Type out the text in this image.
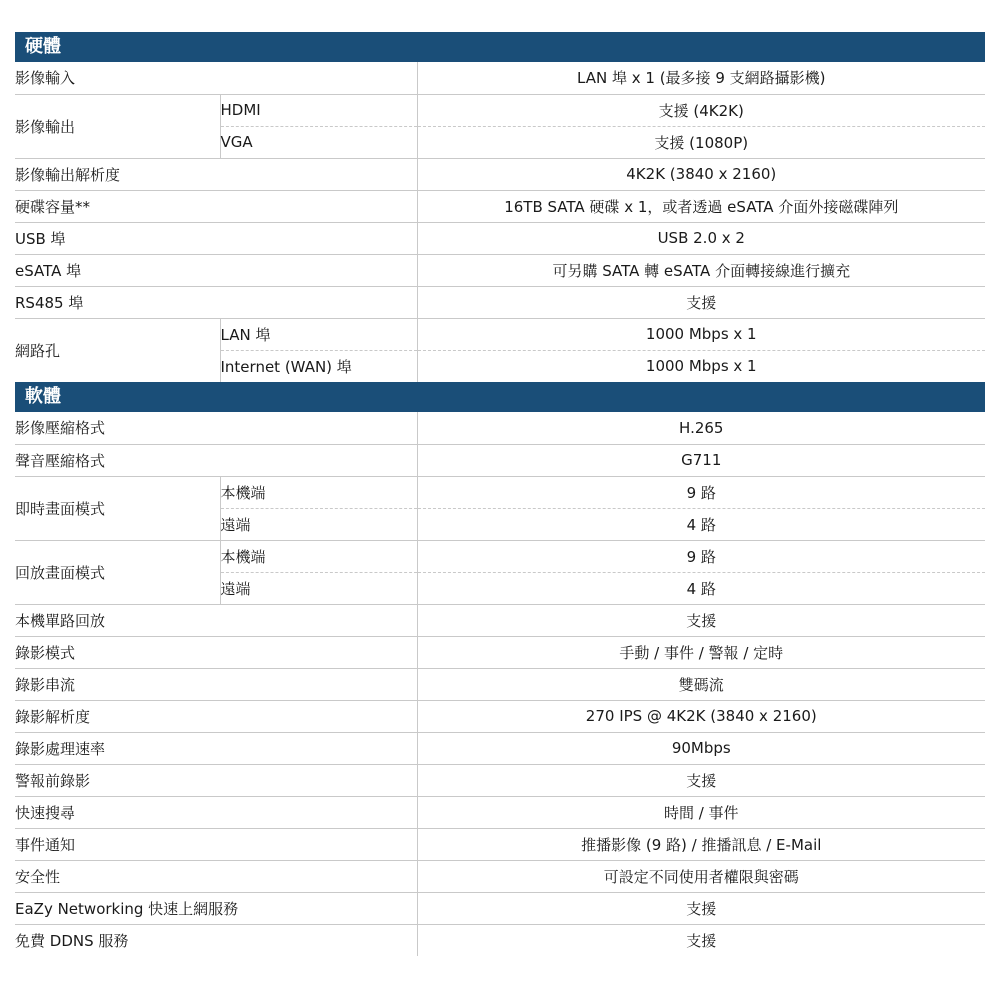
硬體
影像輸入		LAN 埠 x 1 (最多接 9 支網路攝影機)
影像輸出	HDMI	支援 (4K2K)
	VGA	支援 (1080P)
影像輸出解析度		4K2K (3840 x 2160)
硬碟容量**		16TB SATA 硬碟 x 1，或者透過 eSATA 介面外接磁碟陣列
USB 埠		USB 2.0 x 2
eSATA 埠		可另購 SATA 轉 eSATA 介面轉接線進行擴充
RS485 埠		支援
網路孔	LAN 埠	1000 Mbps x 1
	Internet (WAN) 埠	1000 Mbps x 1
軟體
影像壓縮格式		H.265
聲音壓縮格式		G711
即時畫面模式	本機端	9 路
	遠端	4 路
回放畫面模式	本機端	9 路
	遠端	4 路
本機單路回放		支援
錄影模式		手動 / 事件 / 警報 / 定時
錄影串流		雙碼流
錄影解析度		270 IPS @ 4K2K (3840 x 2160)
錄影處理速率		90Mbps
警報前錄影		支援
快速搜尋		時間 / 事件
事件通知		推播影像 (9 路) / 推播訊息 / E-Mail
安全性		可設定不同使用者權限與密碼
EaZy Networking 快速上網服務		支援
免費 DDNS 服務		支援
